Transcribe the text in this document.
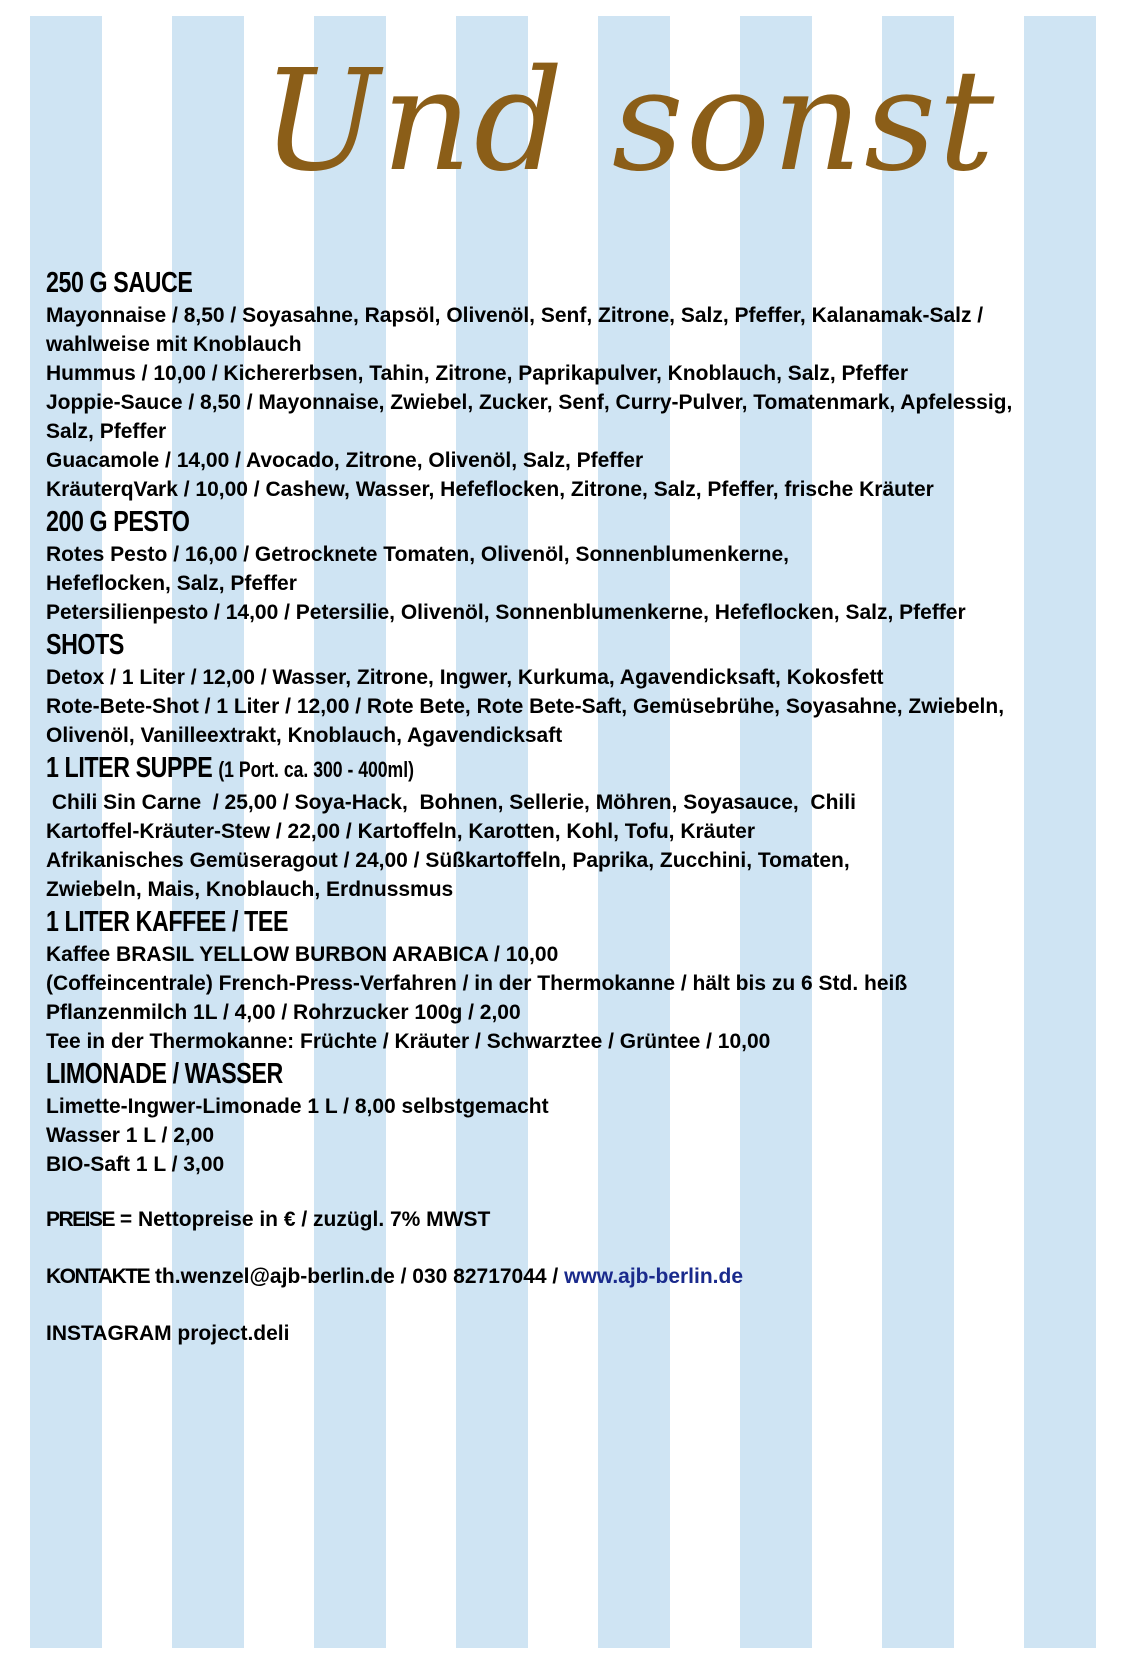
Und sonst
250 G SAUCE

Mayonnaise / 8,50 / Soyasahne, Rapsöl, Olivenöl, Senf, Zitrone, Salz, Pfeffer, Kalanamak-Salz / wahlweise mit Knoblauch

Hummus / 10,00 / Kichererbsen, Tahin, Zitrone, Paprikapulver, Knoblauch, Salz, Pfeffer

Joppie-Sauce / 8,50 / Mayonnaise, Zwiebel, Zucker, Senf, Curry-Pulver, Tomatenmark, Apfelessig, Salz, Pfeffer

Guacamole / 14,00 / Avocado, Zitrone, Olivenöl, Salz, Pfeffer

KräuterqVark / 10,00 / Cashew, Wasser, Hefeflocken, Zitrone, Salz, Pfeffer, frische Kräuter

200 G PESTO

Rotes Pesto / 16,00 / Getrocknete Tomaten, Olivenöl, Sonnenblumenkerne, Hefeflocken, Salz, Pfeffer

Petersilienpesto / 14,00 / Petersilie, Olivenöl, Sonnenblumenkerne, Hefeflocken, Salz, Pfeffer

SHOTS

Detox / 1 Liter / 12,00 / Wasser, Zitrone, Ingwer, Kurkuma, Agavendicksaft, Kokosfett

Rote-Bete-Shot / 1 Liter / 12,00 / Rote Bete, Rote Bete-Saft, Gemüsebrühe, Soyasahne, Zwiebeln, Olivenöl, Vanilleextrakt, Knoblauch, Agavendicksaft

1 LITER SUPPE (1 Port. ca. 300 - 400ml)

Chili Sin Carne  / 25,00 / Soya-Hack,  Bohnen, Sellerie, Möhren, Soyasauce,  Chili

Kartoffel-Kräuter-Stew / 22,00 / Kartoffeln, Karotten, Kohl, Tofu, Kräuter

Afrikanisches Gemüseragout / 24,00 / Süßkartoffeln, Paprika, Zucchini, Tomaten, Zwiebeln, Mais, Knoblauch, Erdnussmus

1 LITER KAFFEE / TEE

Kaffee BRASIL YELLOW BURBON ARABICA / 10,00

(Coffeincentrale) French-Press-Verfahren / in der Thermokanne / hält bis zu 6 Std. heiß

Pflanzenmilch 1L / 4,00 / Rohrzucker 100g / 2,00

Tee in der Thermokanne: Früchte / Kräuter / Schwarztee / Grüntee / 10,00

LIMONADE / WASSER

Limette-Ingwer-Limonade 1 L / 8,00 selbstgemacht

Wasser 1 L / 2,00

BIO-Saft 1 L / 3,00

PREISE = Nettopreise in € / zuzügl. 7% MWST

KONTAKTE th.wenzel@ajb-berlin.de / 030 82717044 / www.ajb-berlin.de

INSTAGRAM project.deli
